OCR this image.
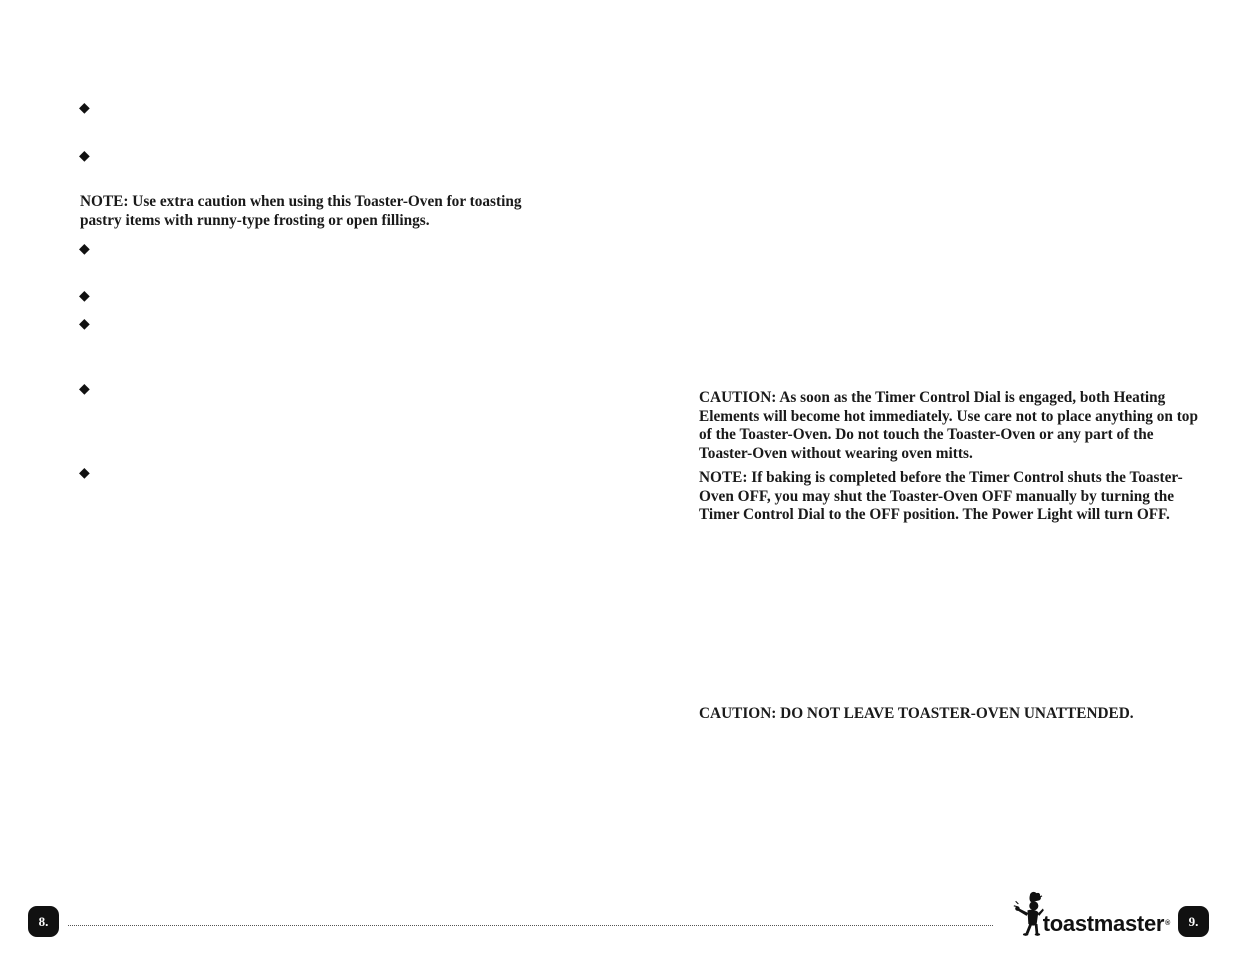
◆
◆

NOTE: Use extra caution when using this Toaster-Oven for toasting pastry items with runny-type frosting or open fillings.

◆
◆
◆
◆
◆

CAUTION: As soon as the Timer Control Dial is engaged, both Heating Elements will become hot immediately. Use care not to place anything on top of the Toaster-Oven. Do not touch the Toaster-Oven or any part of the Toaster-Oven without wearing oven mitts.

NOTE: If baking is completed before the Timer Control shuts the Toaster-Oven OFF, you may shut the Toaster-Oven OFF manually by turning the Timer Control Dial to the OFF position. The Power Light will turn OFF.

CAUTION: DO NOT LEAVE TOASTER-OVEN UNATTENDED.

8.	toastmaster®	9.
